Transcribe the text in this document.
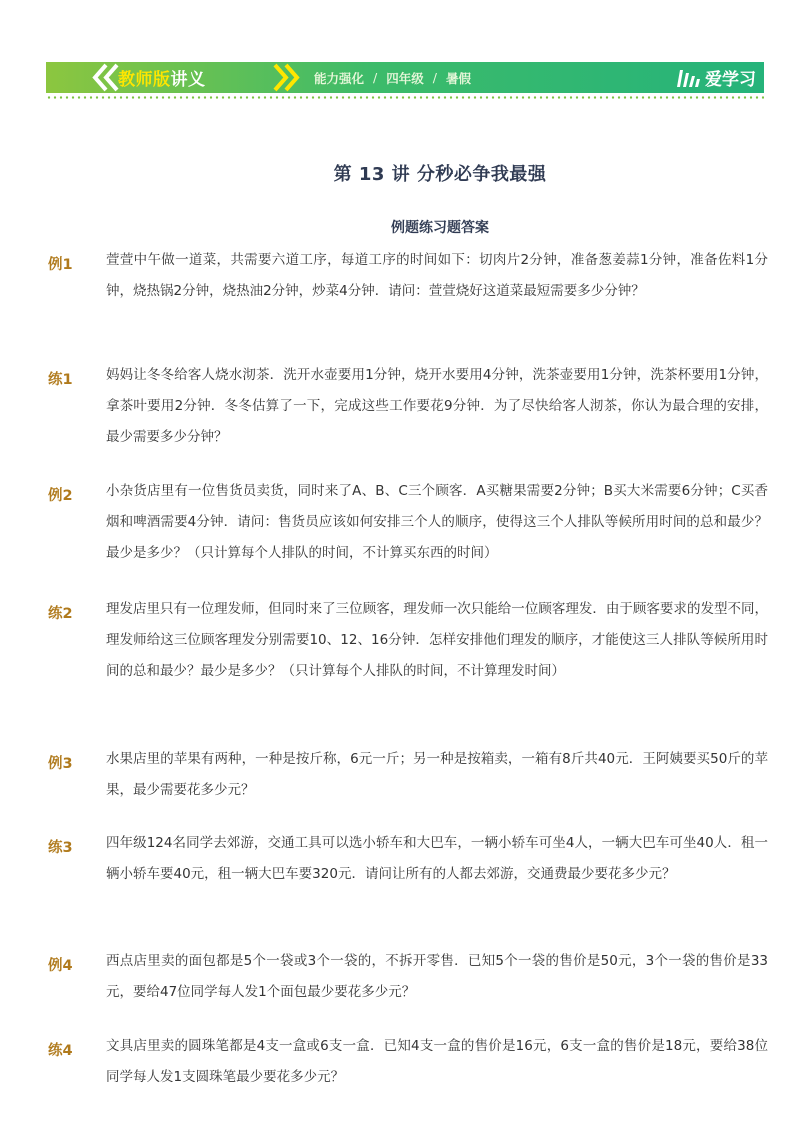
教师版 讲义	能力强化 / 四年级 / 暑假	爱学习
第 13 讲 分秒必争我最强
例题练习题答案
例1 萱萱中午做一道菜，共需要六道工序，每道工序的时间如下：切肉片2分钟，准备葱姜蒜1分钟，准备佐料1分钟，烧热锅2分钟，烧热油2分钟，炒菜4分钟．请问：萱萱烧好这道菜最短需要多少分钟？
练1 妈妈让冬冬给客人烧水沏茶．洗开水壶要用1分钟，烧开水要用4分钟，洗茶壶要用1分钟，洗茶杯要用1分钟，拿茶叶要用2分钟．冬冬估算了一下，完成这些工作要花9分钟．为了尽快给客人沏茶，你认为最合理的安排，最少需要多少分钟？
例2 小杂货店里有一位售货员卖货，同时来了A、B、C三个顾客．A买糖果需要2分钟；B买大米需要6分钟；C买香烟和啤酒需要4分钟．请问：售货员应该如何安排三个人的顺序，使得这三个人排队等候所用时间的总和最少？最少是多少？（只计算每个人排队的时间，不计算买东西的时间）
练2 理发店里只有一位理发师，但同时来了三位顾客，理发师一次只能给一位顾客理发．由于顾客要求的发型不同，理发师给这三位顾客理发分别需要10、12、16分钟．怎样安排他们理发的顺序，才能使这三人排队等候所用时间的总和最少？最少是多少？（只计算每个人排队的时间，不计算理发时间）
例3 水果店里的苹果有两种，一种是按斤称，6元一斤；另一种是按箱卖，一箱有8斤共40元．王阿姨要买50斤的苹果，最少需要花多少元？
练3 四年级124名同学去郊游，交通工具可以选小轿车和大巴车，一辆小轿车可坐4人，一辆大巴车可坐40人．租一辆小轿车要40元，租一辆大巴车要320元．请问让所有的人都去郊游，交通费最少要花多少元？
例4 西点店里卖的面包都是5个一袋或3个一袋的，不拆开零售．已知5个一袋的售价是50元，3个一袋的售价是33元，要给47位同学每人发1个面包最少要花多少元？
练4 文具店里卖的圆珠笔都是4支一盒或6支一盒．已知4支一盒的售价是16元，6支一盒的售价是18元，要给38位同学每人发1支圆珠笔最少要花多少元？
